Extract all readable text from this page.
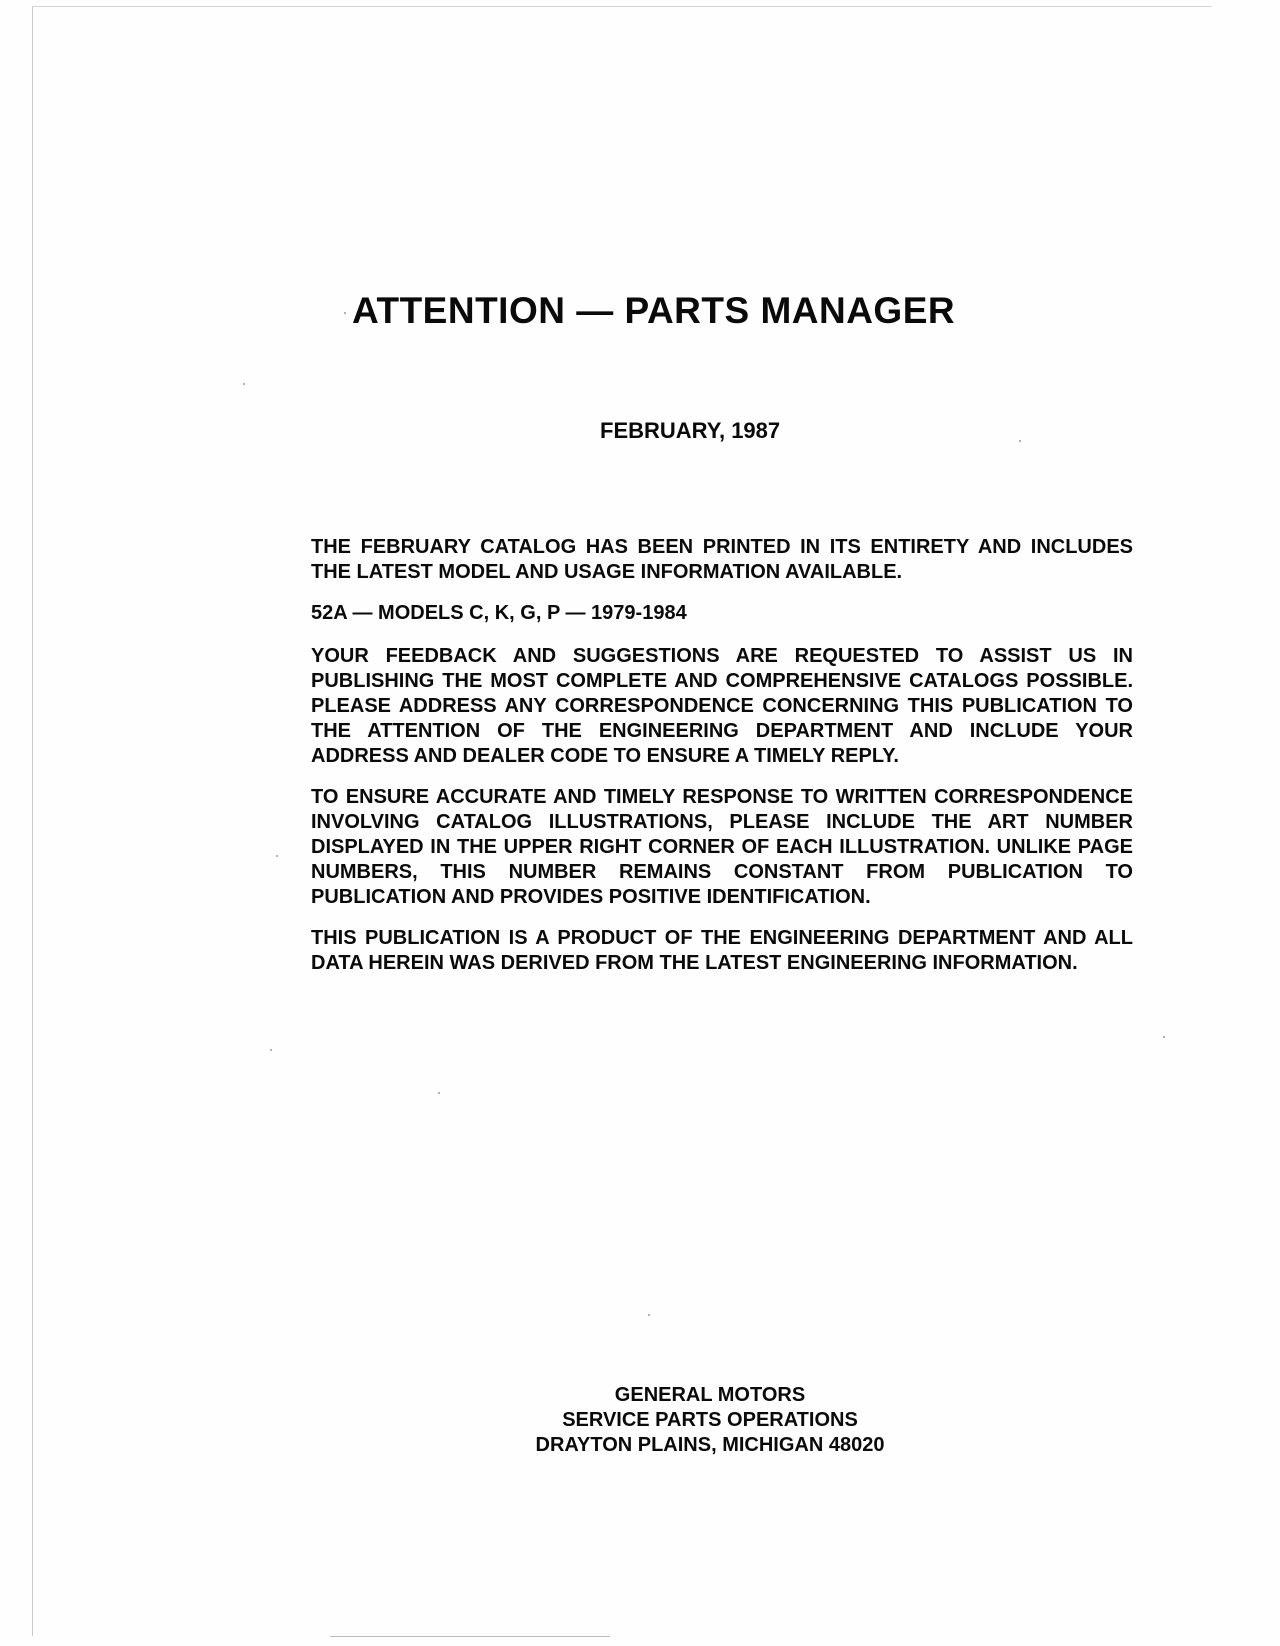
ATTENTION — PARTS MANAGER
FEBRUARY, 1987

THE FEBRUARY CATALOG HAS BEEN PRINTED IN ITS ENTIRETY AND INCLUDES THE LATEST MODEL AND USAGE INFORMATION AVAILABLE.

52A — MODELS C, K, G, P — 1979-1984

YOUR FEEDBACK AND SUGGESTIONS ARE REQUESTED TO ASSIST US IN PUBLISHING THE MOST COMPLETE AND COMPREHENSIVE CATALOGS POSSIBLE. PLEASE ADDRESS ANY CORRESPONDENCE CONCERNING THIS PUBLICATION TO THE ATTENTION OF THE ENGINEERING DEPARTMENT AND INCLUDE YOUR ADDRESS AND DEALER CODE TO ENSURE A TIMELY REPLY.

TO ENSURE ACCURATE AND TIMELY RESPONSE TO WRITTEN CORRESPONDENCE INVOLVING CATALOG ILLUSTRATIONS, PLEASE INCLUDE THE ART NUMBER DISPLAYED IN THE UPPER RIGHT CORNER OF EACH ILLUSTRATION. UNLIKE PAGE NUMBERS, THIS NUMBER REMAINS CONSTANT FROM PUBLICATION TO PUBLICATION AND PROVIDES POSITIVE IDENTIFICATION.

THIS PUBLICATION IS A PRODUCT OF THE ENGINEERING DEPARTMENT AND ALL DATA HEREIN WAS DERIVED FROM THE LATEST ENGINEERING INFORMATION.

GENERAL MOTORS
SERVICE PARTS OPERATIONS
DRAYTON PLAINS, MICHIGAN 48020
